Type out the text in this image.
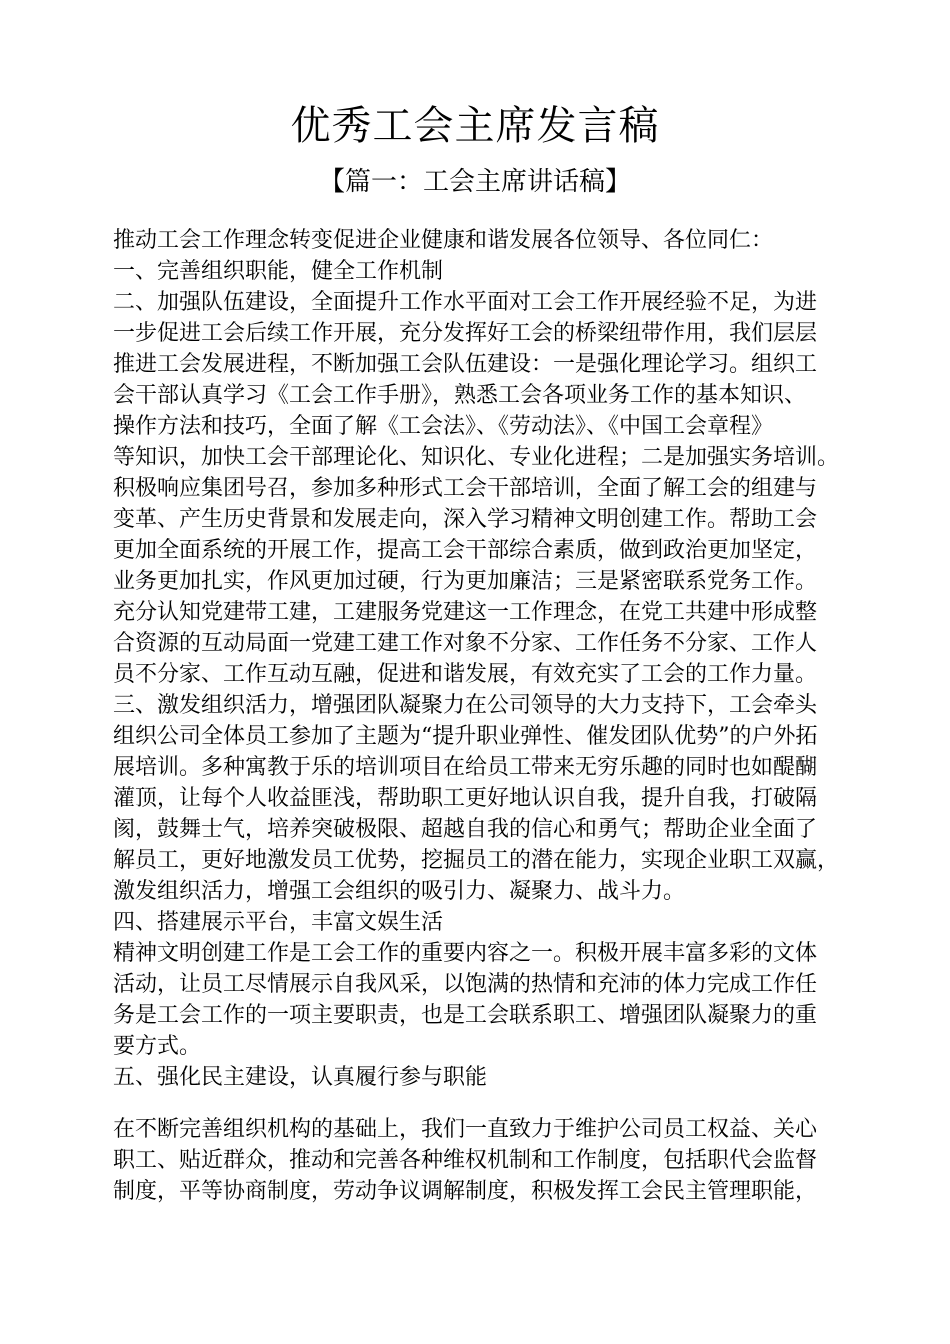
优秀工会主席发言稿
【篇一：工会主席讲话稿】
推动工会工作理念转变促进企业健康和谐发展各位领导、各位同仁：
一、完善组织职能，健全工作机制
二、加强队伍建设，全面提升工作水平面对工会工作开展经验不足，为进
一步促进工会后续工作开展，充分发挥好工会的桥梁纽带作用，我们层层
推进工会发展进程，不断加强工会队伍建设：一是强化理论学习。组织工
会干部认真学习《工会工作手册》，熟悉工会各项业务工作的基本知识、
操作方法和技巧，全面了解《工会法》、《劳动法》、《中国工会章程》
等知识，加快工会干部理论化、知识化、专业化进程；二是加强实务培训。
积极响应集团号召，参加多种形式工会干部培训，全面了解工会的组建与
变革、产生历史背景和发展走向，深入学习精神文明创建工作。帮助工会
更加全面系统的开展工作，提高工会干部综合素质，做到政治更加坚定，
业务更加扎实，作风更加过硬，行为更加廉洁；三是紧密联系党务工作。
充分认知党建带工建，工建服务党建这一工作理念，在党工共建中形成整
合资源的互动局面一党建工建工作对象不分家、工作任务不分家、工作人
员不分家、工作互动互融，促进和谐发展，有效充实了工会的工作力量。
三、激发组织活力，增强团队凝聚力在公司领导的大力支持下，工会牵头
组织公司全体员工参加了主题为“提升职业弹性、催发团队优势”的户外拓
展培训。多种寓教于乐的培训项目在给员工带来无穷乐趣的同时也如醍醐
灌顶，让每个人收益匪浅，帮助职工更好地认识自我，提升自我，打破隔
阂，鼓舞士气，培养突破极限、超越自我的信心和勇气；帮助企业全面了
解员工，更好地激发员工优势，挖掘员工的潜在能力，实现企业职工双赢，
激发组织活力，增强工会组织的吸引力、凝聚力、战斗力。
四、搭建展示平台，丰富文娱生活
精神文明创建工作是工会工作的重要内容之一。积极开展丰富多彩的文体
活动，让员工尽情展示自我风采，以饱满的热情和充沛的体力完成工作任
务是工会工作的一项主要职责，也是工会联系职工、增强团队凝聚力的重
要方式。
五、强化民主建设，认真履行参与职能
在不断完善组织机构的基础上，我们一直致力于维护公司员工权益、关心
职工、贴近群众，推动和完善各种维权机制和工作制度，包括职代会监督
制度，平等协商制度，劳动争议调解制度，积极发挥工会民主管理职能，
